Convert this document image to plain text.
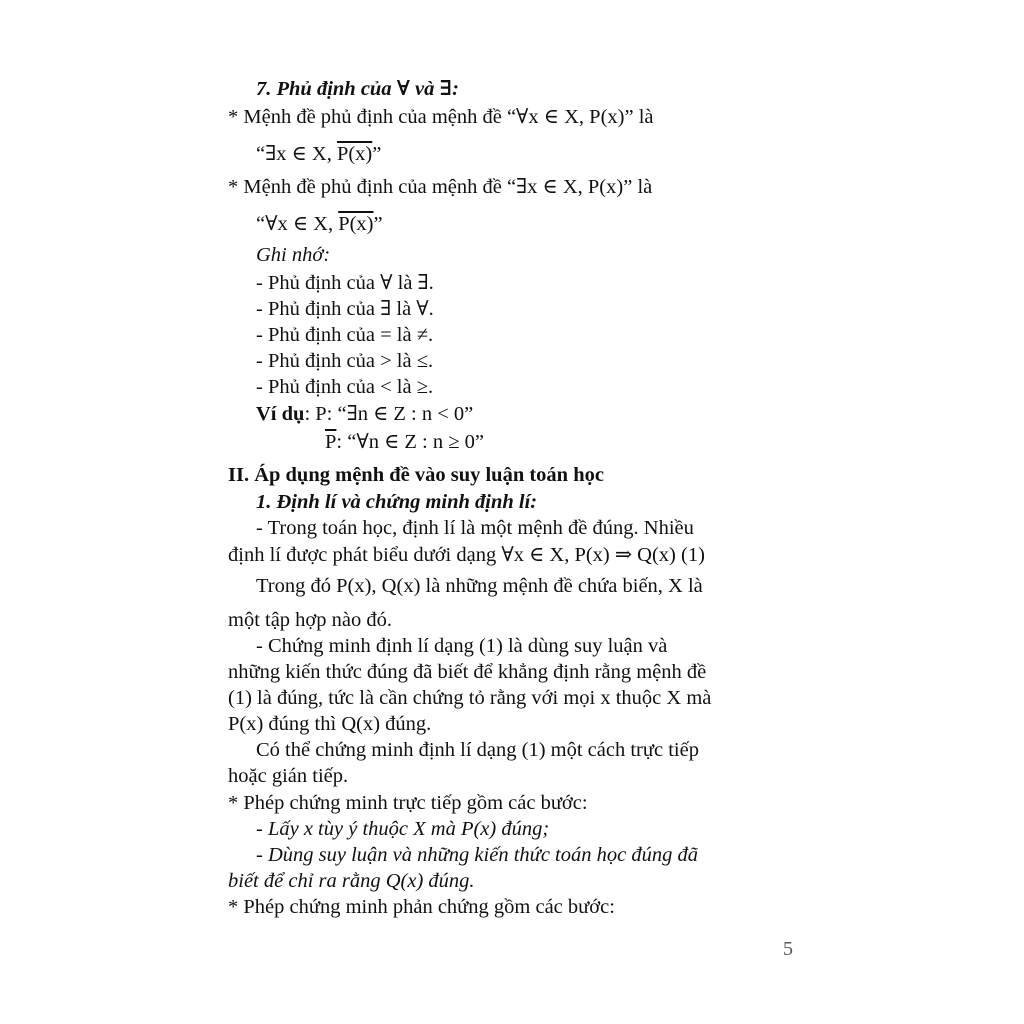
7. Phủ định của ∀ và ∃:
* Mệnh đề phủ định của mệnh đề “∀x ∈ X, P(x)” là
“∃x ∈ X, P(x)”
* Mệnh đề phủ định của mệnh đề “∃x ∈ X, P(x)” là
“∀x ∈ X, P(x)”
Ghi nhớ:
- Phủ định của ∀ là ∃.
- Phủ định của ∃ là ∀.
- Phủ định của = là ≠.
- Phủ định của > là ≤.
- Phủ định của < là ≥.
Ví dụ: P: “∃n ∈ Z : n < 0”
$\overline{P}$: “∀n ∈ Z : n ≥ 0”
II. Áp dụng mệnh đề vào suy luận toán học
1. Định lí và chứng minh định lí:
- Trong toán học, định lí là một mệnh đề đúng. Nhiều
định lí được phát biểu dưới dạng ∀x ∈ X, P(x) ⇒ Q(x) (1)
Trong đó P(x), Q(x) là những mệnh đề chứa biến, X là
một tập hợp nào đó.
- Chứng minh định lí dạng (1) là dùng suy luận và
những kiến thức đúng đã biết để khẳng định rằng mệnh đề
(1) là đúng, tức là cần chứng tỏ rằng với mọi x thuộc X mà
P(x) đúng thì Q(x) đúng.
Có thể chứng minh định lí dạng (1) một cách trực tiếp
hoặc gián tiếp.
* Phép chứng minh trực tiếp gồm các bước:
- Lấy x tùy ý thuộc X mà P(x) đúng;
- Dùng suy luận và những kiến thức toán học đúng đã
biết để chỉ ra rằng Q(x) đúng.
* Phép chứng minh phản chứng gồm các bước:
5
